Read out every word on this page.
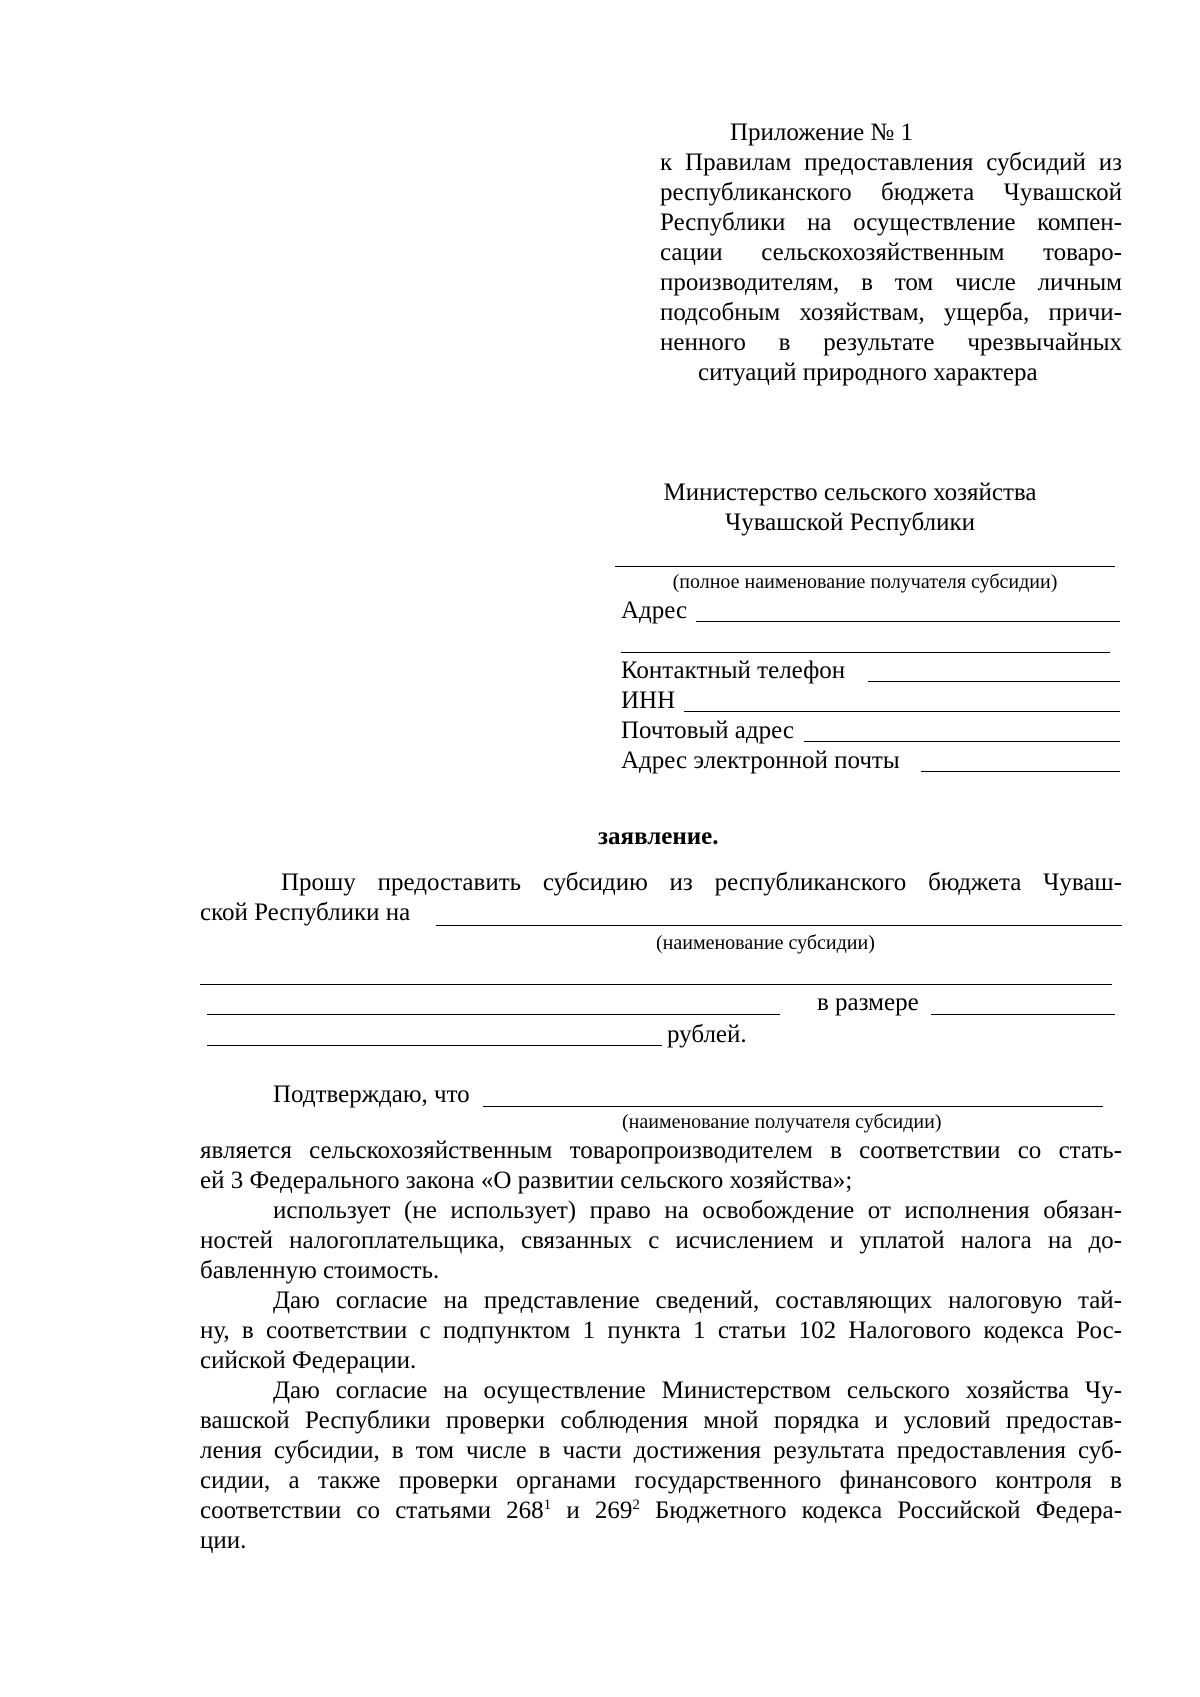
Приложение № 1
к Правилам предоставления субсидий из
республиканского бюджета Чувашской
Республики на осуществление компен-
сации сельскохозяйственным товаро-
производителям, в том числе личным
подсобным хозяйствам, ущерба, причи-
ненного в результате чрезвычайных
ситуаций природного характера
Министерство сельского хозяйства
Чувашской Республики
(полное наименование получателя субсидии)
Адрес
Контактный телефон
ИНН
Почтовый адрес
Адрес электронной почты
заявление.
Прошу предоставить субсидию из республиканского бюджета Чуваш-
ской Республики на
(наименование субсидии)
в размере
рублей.
Подтверждаю, что
(наименование получателя субсидии)
является сельскохозяйственным товаропроизводителем в соответствии со стать-
ей 3 Федерального закона «О развитии сельского хозяйства»;
использует (не использует) право на освобождение от исполнения обязан-
ностей налогоплательщика, связанных с исчислением и уплатой налога на до-
бавленную стоимость.
Даю согласие на представление сведений, составляющих налоговую тай-
ну, в соответствии с подпунктом 1 пункта 1 статьи 102 Налогового кодекса Рос-
сийской Федерации.
Даю согласие на осуществление Министерством сельского хозяйства Чу-
вашской Республики проверки соблюдения мной порядка и условий предостав-
ления субсидии, в том числе в части достижения результата предоставления суб-
сидии, а также проверки органами государственного финансового контроля в
соответствии со статьями $268^1$ и $269^2$ Бюджетного кодекса Российской Федера-
ции.
